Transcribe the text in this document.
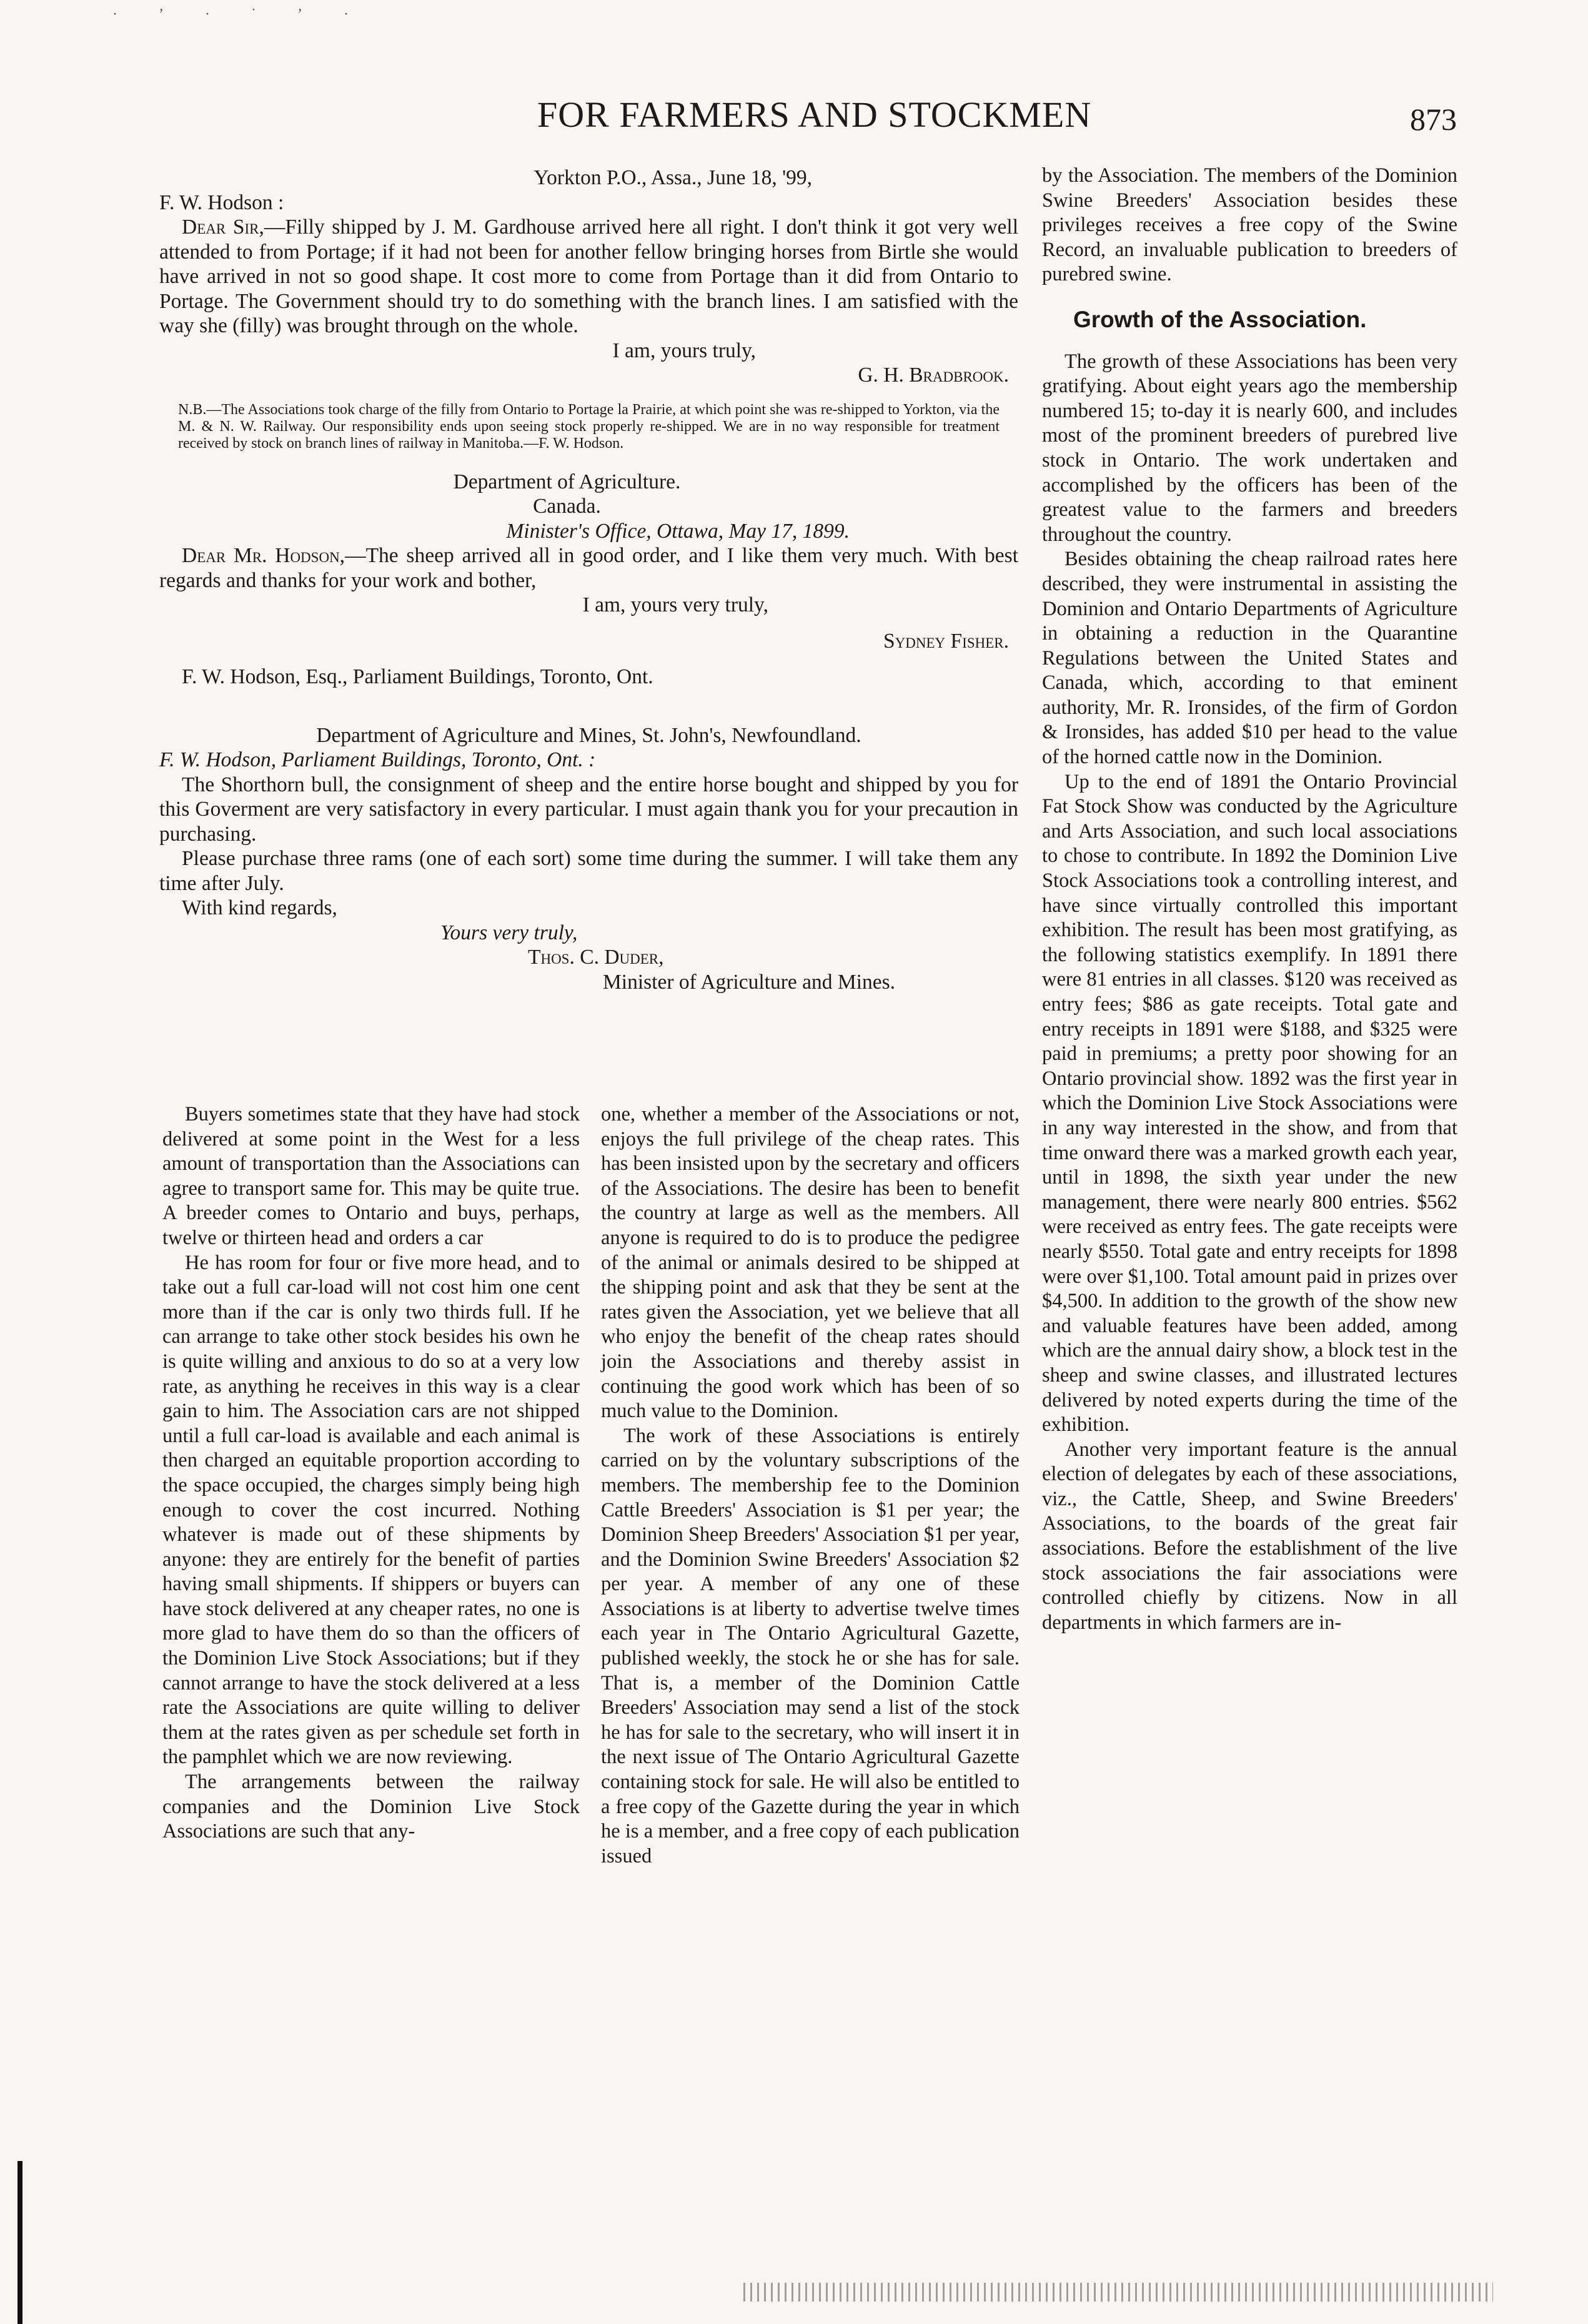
· ʼ · ˙ ʼ ·
FOR FARMERS AND STOCKMEN	873

Yorkton P.O., Assa., June 18, '99,

F. W. Hodson :

Dear Sir,—Filly shipped by J. M. Gardhouse arrived here all right. I don't think it got very well attended to from Portage; if it had not been for another fellow bringing horses from Birtle she would have arrived in not so good shape. It cost more to come from Portage than it did from Ontario to Portage. The Government should try to do something with the branch lines. I am satisfied with the way she (filly) was brought through on the whole.

I am, yours truly,

G. H. Bradbrook.

N.B.—The Associations took charge of the filly from Ontario to Portage la Prairie, at which point she was re-shipped to Yorkton, via the M. & N. W. Railway. Our responsibility ends upon seeing stock properly re-shipped. We are in no way responsible for treatment received by stock on branch lines of railway in Manitoba.—F. W. Hodson.

Department of Agriculture.

Canada.

Minister's Office, Ottawa, May 17, 1899.

Dear Mr. Hodson,—The sheep arrived all in good order, and I like them very much. With best regards and thanks for your work and bother,

I am, yours very truly,

Sydney Fisher.

F. W. Hodson, Esq., Parliament Buildings, Toronto, Ont.

Department of Agriculture and Mines, St. John's, Newfoundland.

F. W. Hodson, Parliament Buildings, Toronto, Ont. :

The Shorthorn bull, the consignment of sheep and the entire horse bought and shipped by you for this Goverment are very satisfactory in every particular. I must again thank you for your precaution in purchasing.

Please purchase three rams (one of each sort) some time during the summer. I will take them any time after July.

With kind regards,

Yours very truly,

Thos. C. Duder,

Minister of Agriculture and Mines.

Buyers sometimes state that they have had stock delivered at some point in the West for a less amount of transportation than the Associations can agree to transport same for. This may be quite true. A breeder comes to Ontario and buys, perhaps, twelve or thirteen head and orders a car

He has room for four or five more head, and to take out a full car-load will not cost him one cent more than if the car is only two thirds full. If he can arrange to take other stock besides his own he is quite willing and anxious to do so at a very low rate, as anything he receives in this way is a clear gain to him. The Association cars are not shipped until a full car-load is available and each animal is then charged an equitable proportion according to the space occupied, the charges simply being high enough to cover the cost incurred. Nothing whatever is made out of these shipments by anyone: they are entirely for the benefit of parties having small shipments. If shippers or buyers can have stock delivered at any cheaper rates, no one is more glad to have them do so than the officers of the Dominion Live Stock Associations; but if they cannot arrange to have the stock delivered at a less rate the Associations are quite willing to deliver them at the rates given as per schedule set forth in the pamphlet which we are now reviewing.

The arrangements between the railway companies and the Dominion Live Stock Associations are such that any-

one, whether a member of the Associations or not, enjoys the full privilege of the cheap rates. This has been insisted upon by the secretary and officers of the Associations. The desire has been to benefit the country at large as well as the members. All anyone is required to do is to produce the pedigree of the animal or animals desired to be shipped at the shipping point and ask that they be sent at the rates given the Association, yet we believe that all who enjoy the benefit of the cheap rates should join the Associations and thereby assist in continuing the good work which has been of so much value to the Dominion.

The work of these Associations is entirely carried on by the voluntary subscriptions of the members. The membership fee to the Dominion Cattle Breeders' Association is $1 per year; the Dominion Sheep Breeders' Association $1 per year, and the Dominion Swine Breeders' Association $2 per year. A member of any one of these Associations is at liberty to advertise twelve times each year in The Ontario Agricultural Gazette, published weekly, the stock he or she has for sale. That is, a member of the Dominion Cattle Breeders' Association may send a list of the stock he has for sale to the secretary, who will insert it in the next issue of The Ontario Agricultural Gazette containing stock for sale. He will also be entitled to a free copy of the Gazette during the year in which he is a member, and a free copy of each publication issued

by the Association. The members of the Dominion Swine Breeders' Association besides these privileges receives a free copy of the Swine Record, an invaluable publication to breeders of purebred swine.

Growth of the Association.

The growth of these Associations has been very gratifying. About eight years ago the membership numbered 15; to-day it is nearly 600, and includes most of the prominent breeders of purebred live stock in Ontario. The work undertaken and accomplished by the officers has been of the greatest value to the farmers and breeders throughout the country.

Besides obtaining the cheap railroad rates here described, they were instrumental in assisting the Dominion and Ontario Departments of Agriculture in obtaining a reduction in the Quarantine Regulations between the United States and Canada, which, according to that eminent authority, Mr. R. Ironsides, of the firm of Gordon & Ironsides, has added $10 per head to the value of the horned cattle now in the Dominion.

Up to the end of 1891 the Ontario Provincial Fat Stock Show was conducted by the Agriculture and Arts Association, and such local associations to chose to contribute. In 1892 the Dominion Live Stock Associations took a controlling interest, and have since virtually controlled this important exhibition. The result has been most gratifying, as the following statistics exemplify. In 1891 there were 81 entries in all classes. $120 was received as entry fees; $86 as gate receipts. Total gate and entry receipts in 1891 were $188, and $325 were paid in premiums; a pretty poor showing for an Ontario provincial show. 1892 was the first year in which the Dominion Live Stock Associations were in any way interested in the show, and from that time onward there was a marked growth each year, until in 1898, the sixth year under the new management, there were nearly 800 entries. $562 were received as entry fees. The gate receipts were nearly $550. Total gate and entry receipts for 1898 were over $1,100. Total amount paid in prizes over $4,500. In addition to the growth of the show new and valuable features have been added, among which are the annual dairy show, a block test in the sheep and swine classes, and illustrated lectures delivered by noted experts during the time of the exhibition.

Another very important feature is the annual election of delegates by each of these associations, viz., the Cattle, Sheep, and Swine Breeders' Associations, to the boards of the great fair associations. Before the establishment of the live stock associations the fair associations were controlled chiefly by citizens. Now in all departments in which farmers are in-
